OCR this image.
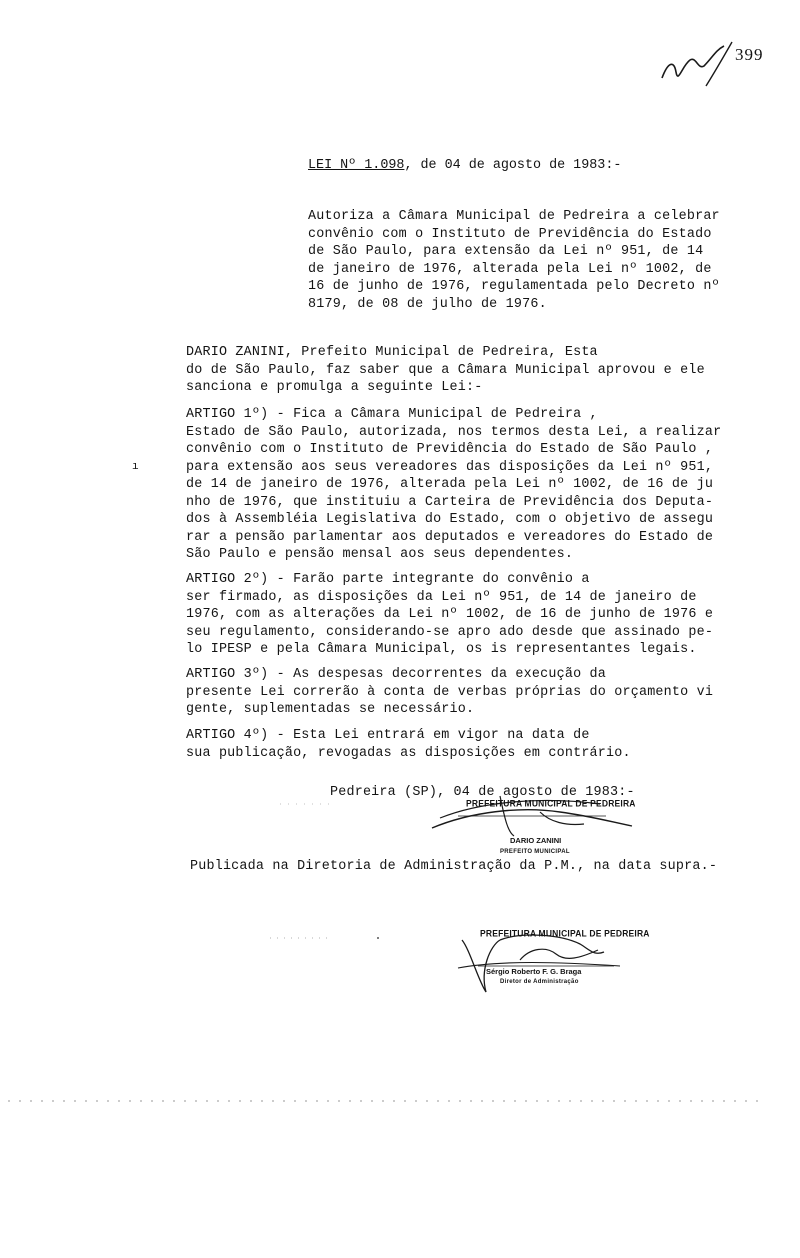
399
LEI Nº 1.098, de 04 de agosto de 1983:-
Autoriza a Câmara Municipal de Pedreira a celebrar
convênio com o Instituto de Previdência do Estado
de São Paulo, para extensão da Lei nº 951, de 14
de janeiro de 1976, alterada pela Lei nº 1002, de
16 de junho de 1976, regulamentada pelo Decreto nº
8179, de 08 de julho de 1976.
DARIO ZANINI, Prefeito Municipal de Pedreira, Esta
do de São Paulo, faz saber que a Câmara Municipal aprovou e ele
sanciona e promulga a seguinte Lei:-
ı
ARTIGO 1º) - Fica a Câmara Municipal de Pedreira ,
Estado de São Paulo, autorizada, nos termos desta Lei, a realizar
convênio com o Instituto de Previdência do Estado de São Paulo ,
para extensão aos seus vereadores das disposições da Lei nº 951,
de 14 de janeiro de 1976, alterada pela Lei nº 1002, de 16 de ju
nho de 1976, que instituiu a Carteira de Previdência dos Deputa-
dos à Assembléia Legislativa do Estado, com o objetivo de assegu
rar a pensão parlamentar aos deputados e vereadores do Estado de
São Paulo e pensão mensal aos seus dependentes.
ARTIGO 2º) - Farão parte integrante do convênio a
ser firmado, as disposições da Lei nº 951, de 14 de janeiro de
1976, com as alterações da Lei nº 1002, de 16 de junho de 1976 e
seu regulamento, considerando-se apro ado desde que assinado pe-
lo IPESP e pela Câmara Municipal, os is representantes legais.
ARTIGO 3º) - As despesas decorrentes da execução da
presente Lei correrão à conta de verbas próprias do orçamento vi
gente, suplementadas se necessário.
ARTIGO 4º) - Esta Lei entrará em vigor na data de
sua publicação, revogadas as disposições em contrário.
Pedreira (SP), 04 de agosto de 1983:-
PREFEITURA MUNICIPAL DE PEDREIRA
DARIO ZANINI
PREFEITO MUNICIPAL
Publicada na Diretoria de Administração da P.M., na data supra.-
PREFEITURA MUNICIPAL DE PEDREIRA
Sérgio Roberto F. G. Braga
Diretor de Administração
